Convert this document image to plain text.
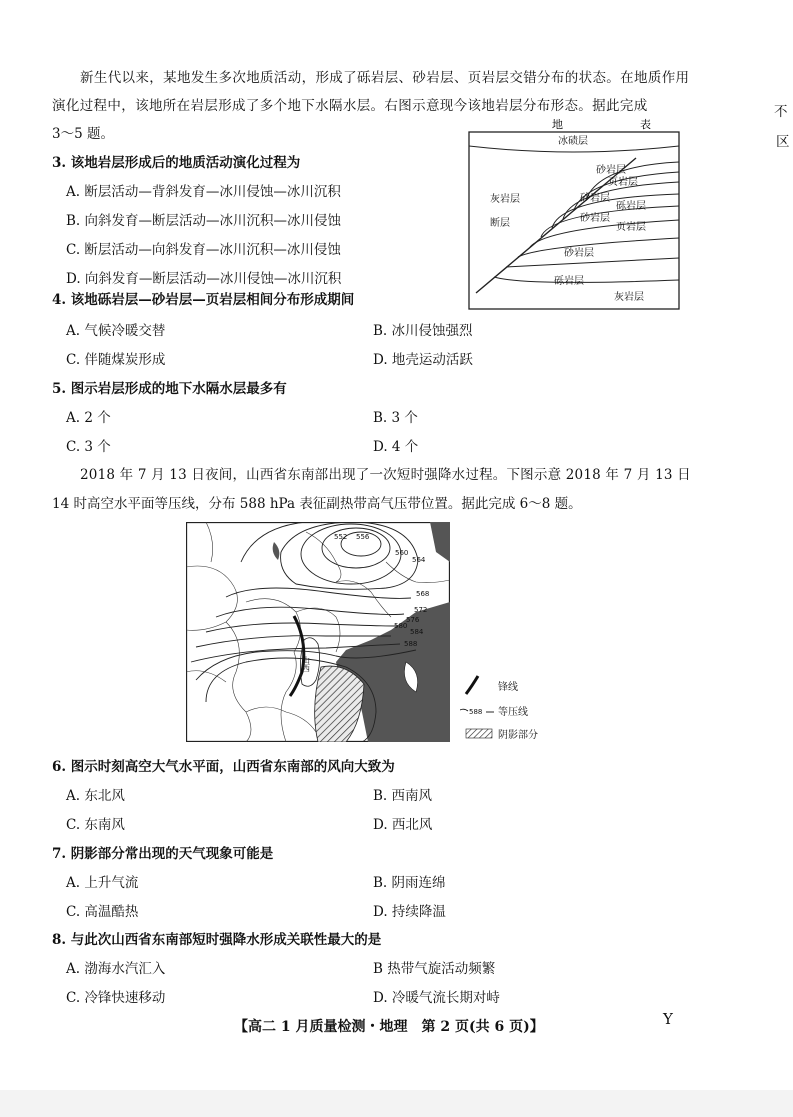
新生代以来，某地发生多次地质活动，形成了砾岩层、砂岩层、页岩层交错分布的状态。在地质作用
演化过程中，该地所在岩层形成了多个地下水隔水层。右图示意现今该地岩层分布形态。据此完成
3～5 题。
不
区
3. 该地岩层形成后的地质活动演化过程为
A. 断层活动—背斜发育—冰川侵蚀—冰川沉积
B. 向斜发育—断层活动—冰川沉积—冰川侵蚀
C. 断层活动—向斜发育—冰川沉积—冰川侵蚀
D. 向斜发育—断层活动—冰川侵蚀—冰川沉积
地	表
冰碛层
灰岩层
断层
砂岩层
页岩层
砂岩层
砾岩层
砂岩层
页岩层
砂岩层
砾岩层
灰岩层
4. 该地砾岩层—砂岩层—页岩层相间分布形成期间
A. 气候冷暖交替	B. 冰川侵蚀强烈
C. 伴随煤炭形成	D. 地壳运动活跃
5. 图示岩层形成的地下水隔水层最多有
A. 2 个	B. 3 个
C. 3 个	D. 4 个
2018 年 7 月 13 日夜间，山西省东南部出现了一次短时强降水过程。下图示意 2018 年 7 月 13 日
14 时高空水平面等压线，分布 588 hPa 表征副热带高气压带位置。据此完成 6～8 题。
552 556
560
564
568
572
576
580
584
588
山西
锋线
588 等压线
阴影部分
6. 图示时刻高空大气水平面，山西省东南部的风向大致为
A. 东北风	B. 西南风
C. 东南风	D. 西北风
7. 阴影部分常出现的天气现象可能是
A. 上升气流	B. 阴雨连绵
C. 高温酷热	D. 持续降温
8. 与此次山西省东南部短时强降水形成关联性最大的是
A. 渤海水汽汇入	B 热带气旋活动频繁
C. 冷锋快速移动	D. 冷暖气流长期对峙
【高二 1 月质量检测・地理　第 2 页(共 6 页)】	Y
